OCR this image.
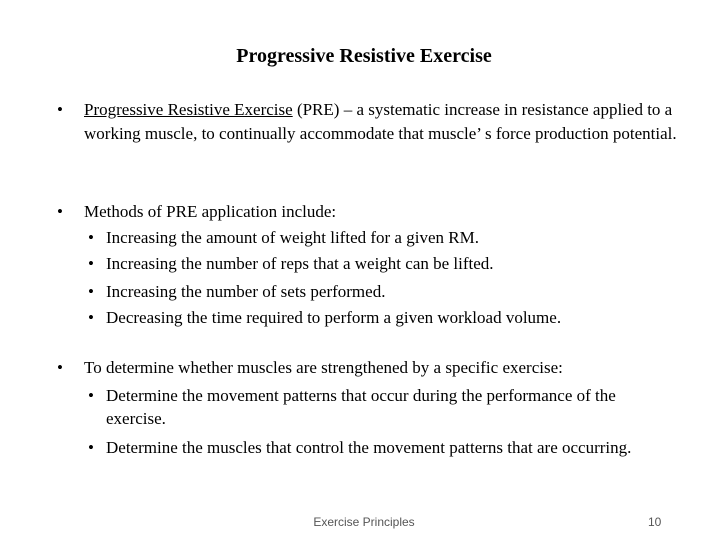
Progressive Resistive Exercise
• Progressive Resistive Exercise (PRE) – a systematic increase in resistance applied to a working muscle, to continually accommodate that muscle’ s force production potential.
• Methods of PRE application include:
• Increasing the amount of weight lifted for a given RM.
• Increasing the number of reps that a weight can be lifted.
• Increasing the number of sets performed.
• Decreasing the time required to perform a given workload volume.
• To determine whether muscles are strengthened by a specific exercise:
• Determine the movement patterns that occur during the performance of the exercise.
• Determine the muscles that control the movement patterns that are occurring.
Exercise Principles	10
